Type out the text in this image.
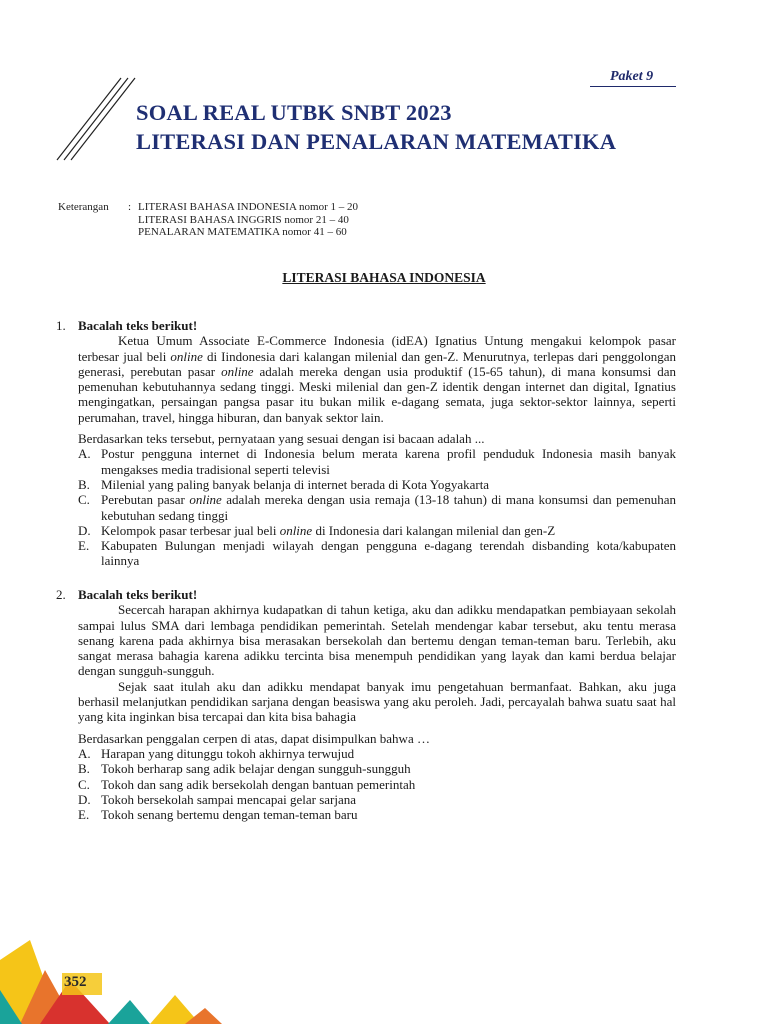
Paket 9
SOAL REAL UTBK SNBT 2023
LITERASI DAN PENALARAN MATEMATIKA
Keterangan : LITERASI BAHASA INDONESIA nomor 1 – 20
LITERASI BAHASA INGGRIS nomor 21 – 40
PENALARAN MATEMATIKA nomor 41 – 60
LITERASI BAHASA INDONESIA
1. Bacalah teks berikut!

Ketua Umum Associate E-Commerce Indonesia (idEA) Ignatius Untung mengakui kelompok pasar terbesar jual beli online di Iindonesia dari kalangan milenial dan gen-Z. Menurutnya, terlepas dari penggolongan generasi, perebutan pasar online adalah mereka dengan usia produktif (15-65 tahun), di mana konsumsi dan pemenuhan kebutuhannya sedang tinggi. Meski milenial dan gen-Z identik dengan internet dan digital, Ignatius mengingatkan, persaingan pangsa pasar itu bukan milik e-dagang semata, juga sektor-sektor lainnya, seperti perumahan, travel, hingga hiburan, dan banyak sektor lain.

Berdasarkan teks tersebut, pernyataan yang sesuai dengan isi bacaan adalah ...

A. Postur pengguna internet di Indonesia belum merata karena profil penduduk Indonesia masih banyak mengakses media tradisional seperti televisi
B. Milenial yang paling banyak belanja di internet berada di Kota Yogyakarta
C. Perebutan pasar online adalah mereka dengan usia remaja (13-18 tahun) di mana konsumsi dan pemenuhan kebutuhan sedang tinggi
D. Kelompok pasar terbesar jual beli online di Indonesia dari kalangan milenial dan gen-Z
E. Kabupaten Bulungan menjadi wilayah dengan pengguna e-dagang terendah disbanding kota/kabupaten lainnya
2. Bacalah teks berikut!

Secercah harapan akhirnya kudapatkan di tahun ketiga, aku dan adikku mendapatkan pembiayaan sekolah sampai lulus SMA dari lembaga pendidikan pemerintah. Setelah mendengar kabar tersebut, aku tentu merasa senang karena pada akhirnya bisa merasakan bersekolah dan bertemu dengan teman-teman baru. Terlebih, aku sangat merasa bahagia karena adikku tercinta bisa menempuh pendidikan yang layak dan kami berdua belajar dengan sungguh-sungguh.

Sejak saat itulah aku dan adikku mendapat banyak imu pengetahuan bermanfaat. Bahkan, aku juga berhasil melanjutkan pendidikan sarjana dengan beasiswa yang aku peroleh. Jadi, percayalah bahwa suatu saat hal yang kita inginkan bisa tercapai dan kita bisa bahagia

Berdasarkan penggalan cerpen di atas, dapat disimpulkan bahwa …

A. Harapan yang ditunggu tokoh akhirnya terwujud
B. Tokoh berharap sang adik belajar dengan sungguh-sungguh
C. Tokoh dan sang adik bersekolah dengan bantuan pemerintah
D. Tokoh bersekolah sampai mencapai gelar sarjana
E. Tokoh senang bertemu dengan teman-teman baru
352
